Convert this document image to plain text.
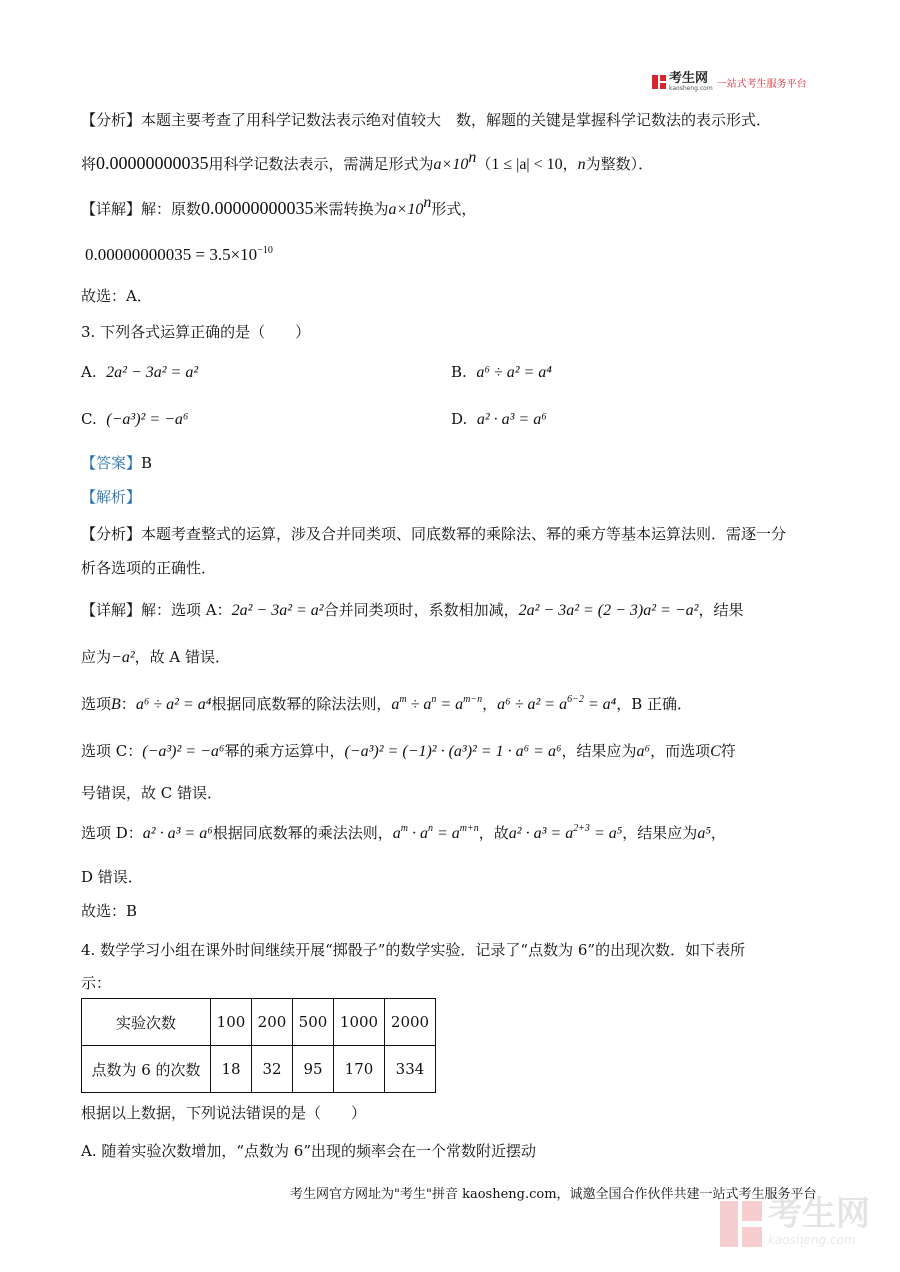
考生网
kaosheng.com 一站式考生服务平台
【分析】本题主要考查了用科学记数法表示绝对值较大　数，解题的关键是掌握科学记数法的表示形式．
将0.00000000035用科学记数法表示，需满足形式为$a\times 10^n(1 \le |a| < 10$，n为整数）．
【详解】解：原数0.00000000035米需转换为$a\times 10^n$形式，
$0.00000000035 = 3.5\times 10^{-10}$
故选：A．
3. 下列各式运算正确的是（　　）
A. 2a² − 3a² = a²	B. a⁶ ÷ a² = a⁴
C. (−a³)² = −a⁶	D. a² · a³ = a⁶
【答案】B
【解析】
【分析】本题考查整式的运算，涉及合并同类项、同底数幂的乘除法、幂的乘方等基本运算法则．需逐一分
析各选项的正确性．
【详解】解：选项 A：2a² − 3a² = a²合并同类项时，系数相加减，2a² − 3a² = (2 − 3)a² = −a²，结果
应为−a²，故 A 错误．
选项B：a⁶ ÷ a² = a⁴根据同底数幂的除法法则，$a^m \div a^n = a^{m-n}$，$a^6 \div a^2 = a^{6-2} = a^4$，B 正确．
选项 C：(−a³)² = −a⁶幂的乘方运算中，(−a³)² = (−1)² · (a³)² = 1 · a⁶ = a⁶，结果应为a⁶，而选项C符
号错误，故 C 错误．
选项 D：a² · a³ = a⁶根据同底数幂的乘法法则，$a^m \cdot a^n = a^{m+n}$，故$a^2 \cdot a^3 = a^{2+3} = a^5$，结果应为a⁵，
D 错误．
故选：B
4. 数学学习小组在课外时间继续开展“掷骰子”的数学实验．记录了“点数为 6”的出现次数．如下表所
示：
实验次数	100	200	500	1000	2000
点数为 6 的次数	18	32	95	170	334
根据以上数据，下列说法错误的是（　　）
A. 随着实验次数增加，“点数为 6”出现的频率会在一个常数附近摆动
考生网官方网址为"考生"拼音 kaosheng.com，诚邀全国合作伙伴共建一站式考生服务平台
考生网
kaosheng.com
